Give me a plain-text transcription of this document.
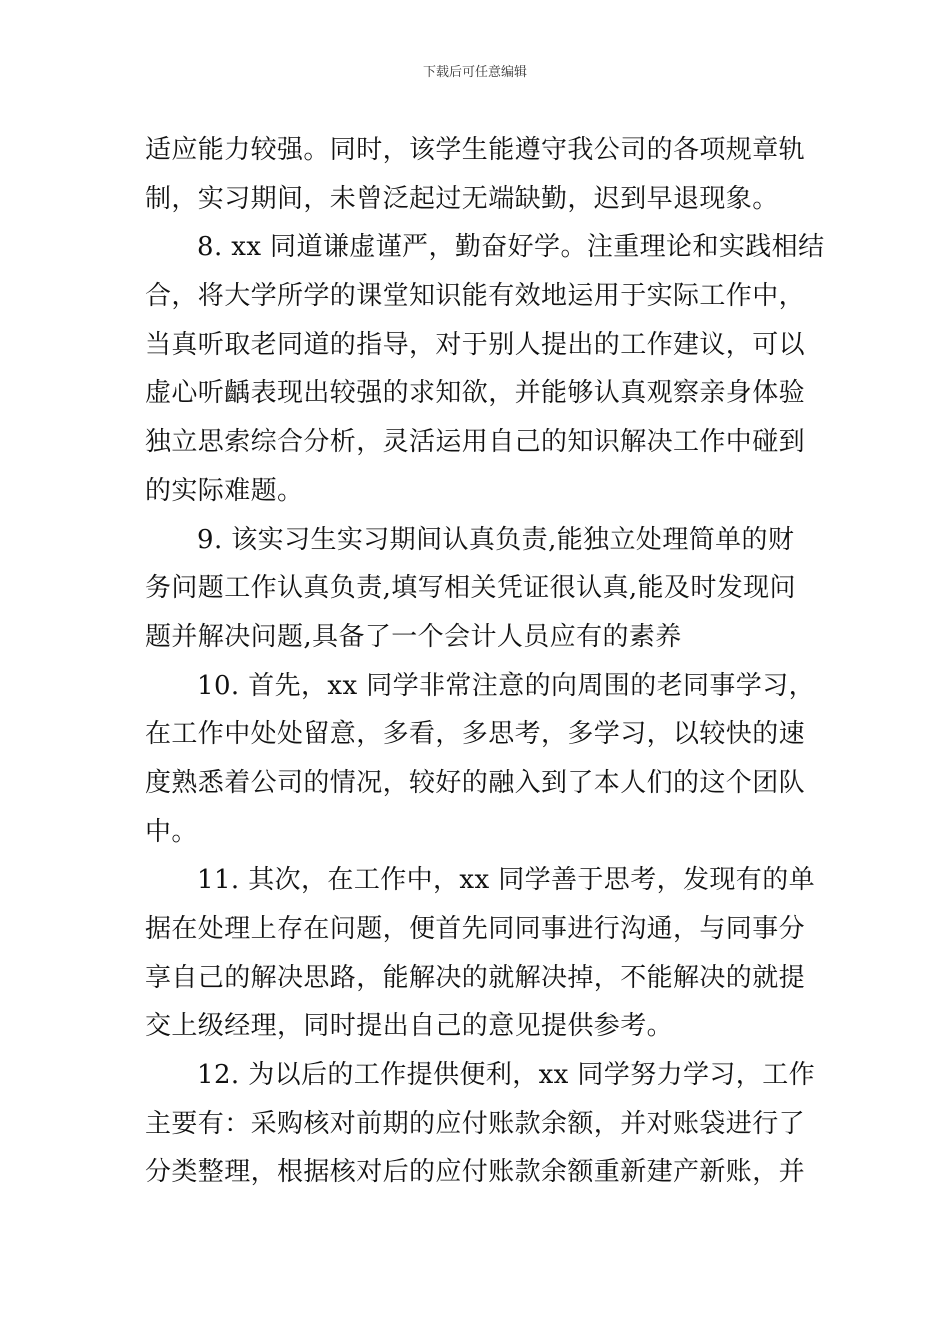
下载后可任意编辑
适应能力较强。同时，该学生能遵守我公司的各项规章轨
制，实习期间，未曾泛起过无端缺勤，迟到早退现象。
8. xx 同道谦虚谨严，勤奋好学。注重理论和实践相结
合，将大学所学的课堂知识能有效地运用于实际工作中，
当真听取老同道的指导，对于别人提出的工作建议，可以
虚心听齲表现出较强的求知欲，并能够认真观察亲身体验
独立思索综合分析，灵活运用自己的知识解决工作中碰到
的实际难题。
9. 该实习生实习期间认真负责,能独立处理简单的财
务问题工作认真负责,填写相关凭证很认真,能及时发现问
题并解决问题,具备了一个会计人员应有的素养
10. 首先，xx 同学非常注意的向周围的老同事学习，
在工作中处处留意，多看，多思考，多学习，以较快的速
度熟悉着公司的情况，较好的融入到了本人们的这个团队
中。
11. 其次，在工作中，xx 同学善于思考，发现有的单
据在处理上存在问题，便首先同同事进行沟通，与同事分
享自己的解决思路，能解决的就解决掉，不能解决的就提
交上级经理，同时提出自己的意见提供参考。
12. 为以后的工作提供便利，xx 同学努力学习，工作
主要有：采购核对前期的应付账款余额，并对账袋进行了
分类整理，根据核对后的应付账款余额重新建产新账，并
